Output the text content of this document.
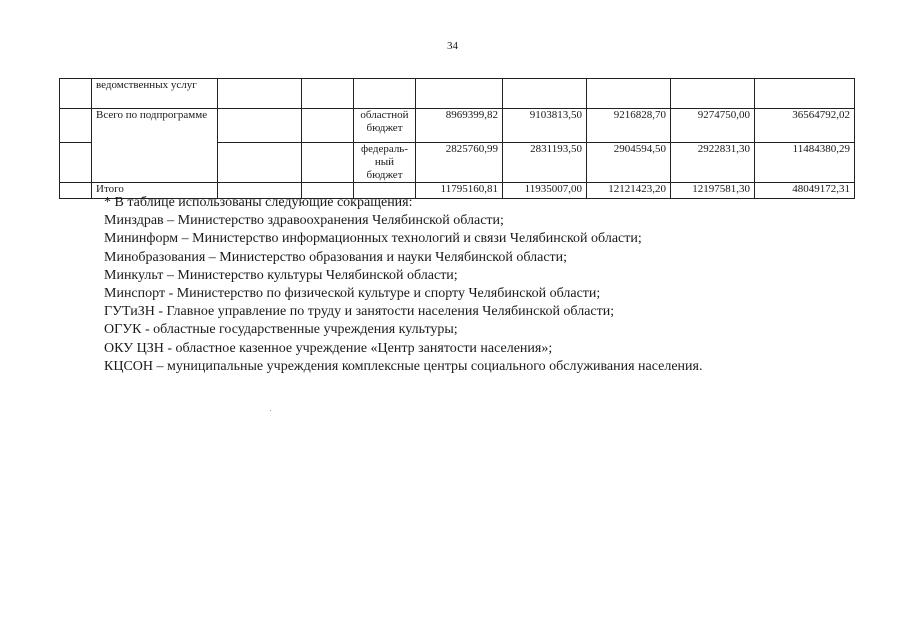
34
	ведомственных услуг								
	Всего по подпрограмме			областной бюджет	8969399,82	9103813,50	9216828,70	9274750,00	36564792,02
				федераль-ный бюджет	2825760,99	2831193,50	2904594,50	2922831,30	11484380,29
	Итого				11795160,81	11935007,00	12121423,20	12197581,30	48049172,31
* В таблице использованы следующие сокращения:
Минздрав – Министерство здравоохранения Челябинской области;
Мининформ – Министерство информационных технологий и связи Челябинской области;
Минобразования – Министерство образования и науки Челябинской области;
Минкульт – Министерство культуры Челябинской области;
Минспорт - Министерство по физической культуре и спорту Челябинской области;
ГУТиЗН - Главное управление по труду и занятости населения Челябинской области;
ОГУК - областные государственные учреждения культуры;
ОКУ ЦЗН - областное казенное учреждение «Центр занятости населения»;
КЦСОН – муниципальные учреждения комплексные центры социального обслуживания населения.
